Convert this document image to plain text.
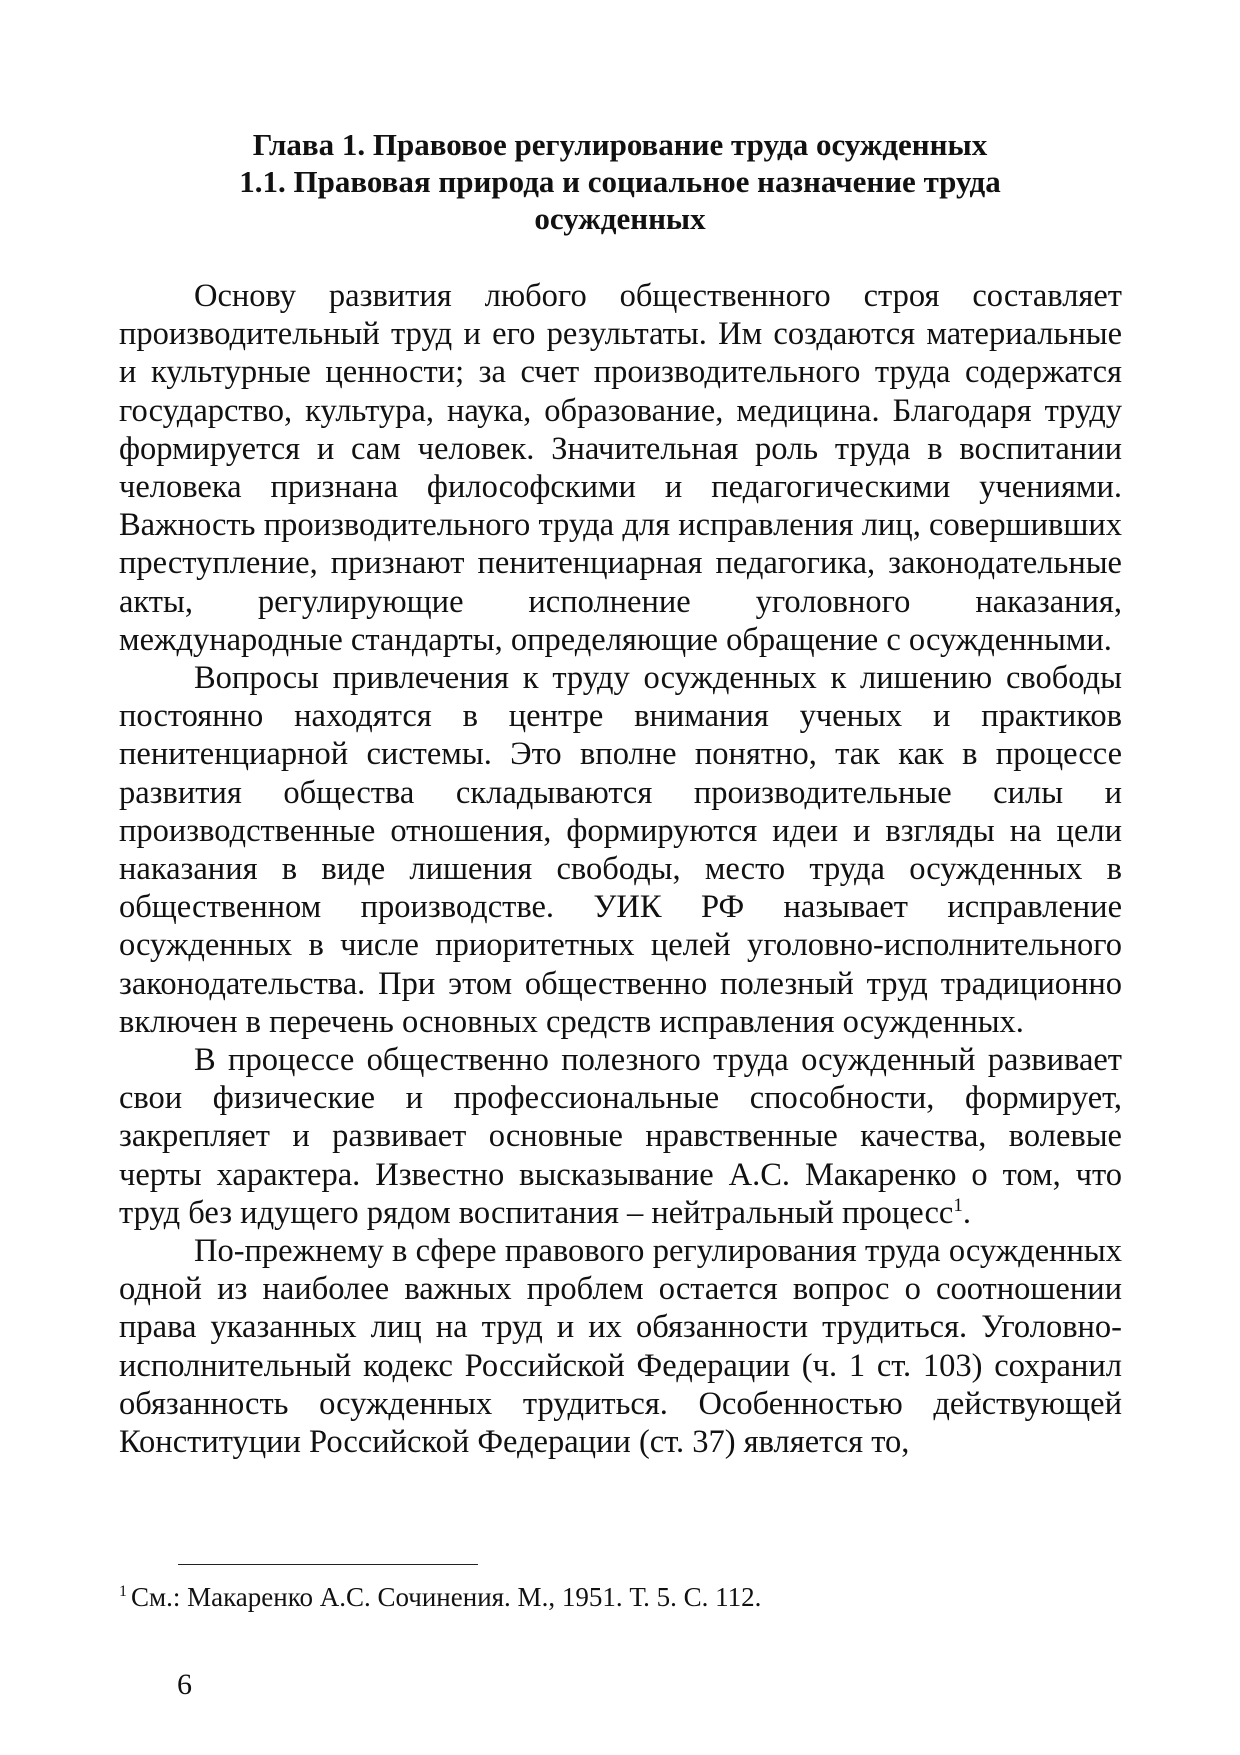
Глава 1. Правовое регулирование труда осужденных
1.1. Правовая природа и социальное назначение труда
осужденных

Основу развития любого общественного строя составляет производительный труд и его результаты. Им создаются материальные и культурные ценности; за счет производительного труда содержатся государство, культура, наука, образование, медицина. Благодаря труду формируется и сам человек. Значительная роль труда в воспитании человека признана философскими и педагогическими учениями. Важность производительного труда для исправления лиц, совершивших преступление, признают пенитенциарная педагогика, законодательные акты, регулирующие исполнение уголовного наказания, международные стандарты, определяющие обращение с осужденными.

Вопросы привлечения к труду осужденных к лишению свободы постоянно находятся в центре внимания ученых и практиков пенитенциарной системы. Это вполне понятно, так как в процессе развития общества складываются производительные силы и производственные отношения, формируются идеи и взгляды на цели наказания в виде лишения свободы, место труда осужденных в общественном производстве. УИК РФ называет исправление осужденных в числе приоритетных целей уголовно-исполнительного законодательства. При этом общественно полезный труд традиционно включен в перечень основных средств исправления осужденных.

В процессе общественно полезного труда осужденный развивает свои физические и профессиональные способности, формирует, закрепляет и развивает основные нравственные качества, волевые черты характера. Известно высказывание А.С. Макаренко о том, что труд без идущего рядом воспитания – нейтральный процесс$^1$.

По-прежнему в сфере правового регулирования труда осужденных одной из наиболее важных проблем остается вопрос о соотношении права указанных лиц на труд и их обязанности трудиться. Уголовно-исполнительный кодекс Российской Федерации (ч. 1 ст. 103) сохранил обязанность осужденных трудиться. Особенностью действующей Конституции Российской Федерации (ст. 37) является то,

$^1$ См.: Макаренко А.С. Сочинения. М., 1951. Т. 5. С. 112.
6
